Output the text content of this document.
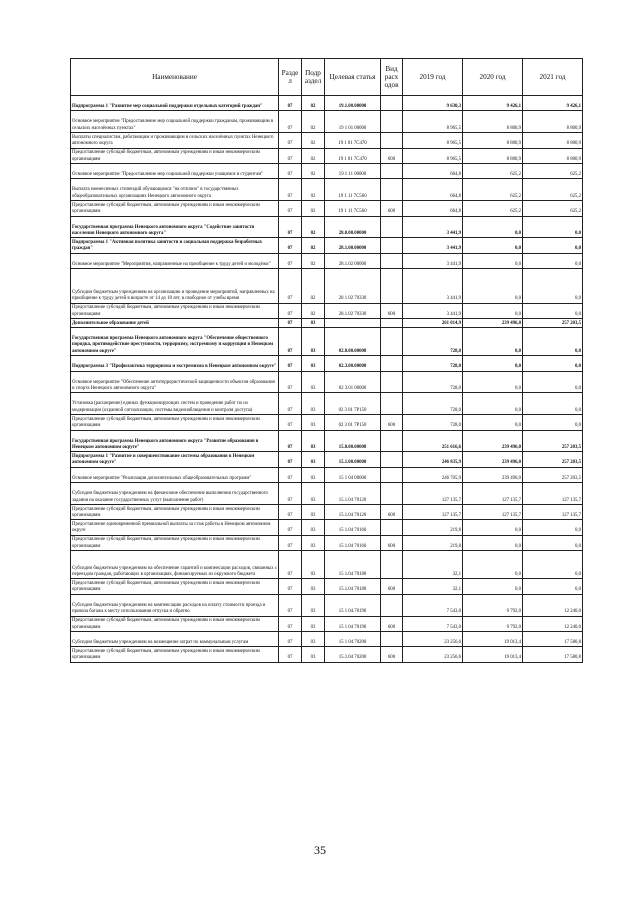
Наименование	Разде л	Подр аздел	Целевая статья	Вид расх одов	2019 год	2020 год	2021 год
Подпрограмма 1 "Развитие мер социальной поддержки отдельных категорий граждан"	07	02	19.1.00.00000		9 630,3	9 426,1	9 426,1
Основное мероприятие "Предоставление мер социальной поддержки гражданам, проживающим в сельских населённых пунктах"	07	02	19 1 01 00000		8 965,5	8 800,9	8 800,9
Выплаты специалистам, работающим и проживающим в сельских населённых пунктах Ненецкого автономного округа	07	02	19 1 01 7С470		8 965,5	8 800,9	8 800,9
Предоставление субсидий бюджетным, автономным учреждениям и иным некоммерческим организациям	07	02	19 1 01 7С470	600	8 965,5	8 800,9	8 800,9
Основное мероприятие "Предоставление мер социальной поддержки учащимся и студентам"	07	02	19 1 11 00000		664,8	625,2	625,2
Выплата ежемесячных стипендий обучающимся "на отлично" в государственных общеобразовательных организациях Ненецкого автономного округа	07	02	19 1 11 7С560		664,8	625,2	625,2
Предоставление субсидий бюджетным, автономным учреждениям и иным некоммерческим организациям	07	02	19 1 11 7С560	600	664,8	625,2	625,2
Государственная программа Ненецкого автономного округа "Содействие занятости населения Ненецкого автономного округа"	07	02	28.0.00.00000		3 441,9	0,0	0,0
Подпрограмма 1 "Активная политика занятости и социальная поддержка безработных граждан"	07	02	28.1.00.00000		3 441,9	0,0	0,0
Основное мероприятие "Мероприятия, направленные на приобщение к труду детей и молодёжи"	07	02	28.1.02 00000		3 441,9	0,0	0,0
Субсидии бюджетным учреждениям на организацию и проведение мероприятий, направленных на приобщение к труду детей в возрасте от 14 до 18 лет, в свободное от учебы время	07	02	28 1 02 70330		3 441,9	0,0	0,0
Предоставление субсидий бюджетным, автономным учреждениям и иным некоммерческим организациям	07	02	28.1.02 70330	600	3 441,9	0,0	0,0
Дополнительное образование детей	07	03			261 014,9	239 496,0	257 203,5
Государственная программа Ненецкого автономного округа "Обеспечение общественного порядка, противодействие преступности, терроризму, экстремизму и коррупции в Ненецком автономном округе"	07	03	02.0.00.00000		728,0	0,0	0,0
Подпрограмма 3 "Профилактика терроризма и экстремизма в Ненецком автономном округе"	07	03	02.3.00.00000		728,0	0,0	0,0
Основное мероприятие "Обеспечение антитеррористической защищенности объектов образования и спорта Ненецкого автономного округа"	07	03	02 3.01 00000		728,0	0,0	0,0
Установка (расширение) единых функционирующих систем и проведение работ по их модернизации (охранной сигнализации, системы видеонаблюдения и контроля доступа)	07	03	02 3 01 7Р150		728,0	0,0	0,0
Предоставление субсидий бюджетным, автономным учреждениям и иным некоммерческим организациям	07	03	02 3 01 7Р150	600	728,0	0,0	0,0
Государственная программа Ненецкого автономного округа "Развитие образования в Ненецком автономном округе"	07	03	15.0.00.00000		251 616,6	239 496,0	257 203,5
Подпрограмма 1 "Развитие и совершенствование системы образования в Ненецком автономном округе"	07	03	15.1.00.00000		246 835,9	239 496,0	257 203,5
Основное мероприятие "Реализация дополнительных общеобразовательных программ"	07	03	15 1 04 00000		246 705,9	239 496,0	257 203,5
Субсидии бюджетным учреждениям на финансовое обеспечение выполнения государственного задания на оказание государственных услуг (выполнение работ)	07	03	15.1.04 70120		127 135,7	127 135,7	127 135,7
Предоставление субсидий бюджетным, автономным учреждениям и иным некоммерческим организациям	07	03	15.1.04 70120	600	127 135,7	127 135,7	127 135,7
Предоставление единовременной премиальной выплаты за стаж работы в Ненецком автономном округе	07	03	15 1.04 70160		219,8	0,0	0,0
Предоставление субсидий бюджетным, автономным учреждениям и иным некоммерческим организациям	07	03	15 1.04 70160	600	219,8	0,0	0,0
Субсидии бюджетным учреждениям на обеспечение гарантий и компенсации расходов, связанных с переездом граждан, работающих в организациях, финансируемых из окружного бюджета	07	03	15 1.04 70180		32,1	0,0	0,0
Предоставление субсидий бюджетным, автономным учреждениям и иным некоммерческим организациям	07	03	15.1.04 70180	600	32,1	0,0	0,0
Субсидии бюджетным учреждениям на компенсацию расходов на оплату стоимости проезда и провоза багажа к месту использования отпуска и обратно	07	03	15 1 04.70190		7 543,0	9 792,0	12 240,0
Предоставление субсидий бюджетным, автономным учреждениям и иным некоммерческим организациям	07	03	15 1 04 70190	600	7 543,0	9 792,0	12 240,0
Субсидии бюджетным учреждениям на возмещение затрат по коммунальным услугам	07	03	15 1 04 70200		23 256,6	19 013,4	17 580,8
Предоставление субсидий бюджетным, автономным учреждениям и иным некоммерческим организациям	07	03	15.1.04 70200	600	23 256,6	19 013,4	17 580,8
35
